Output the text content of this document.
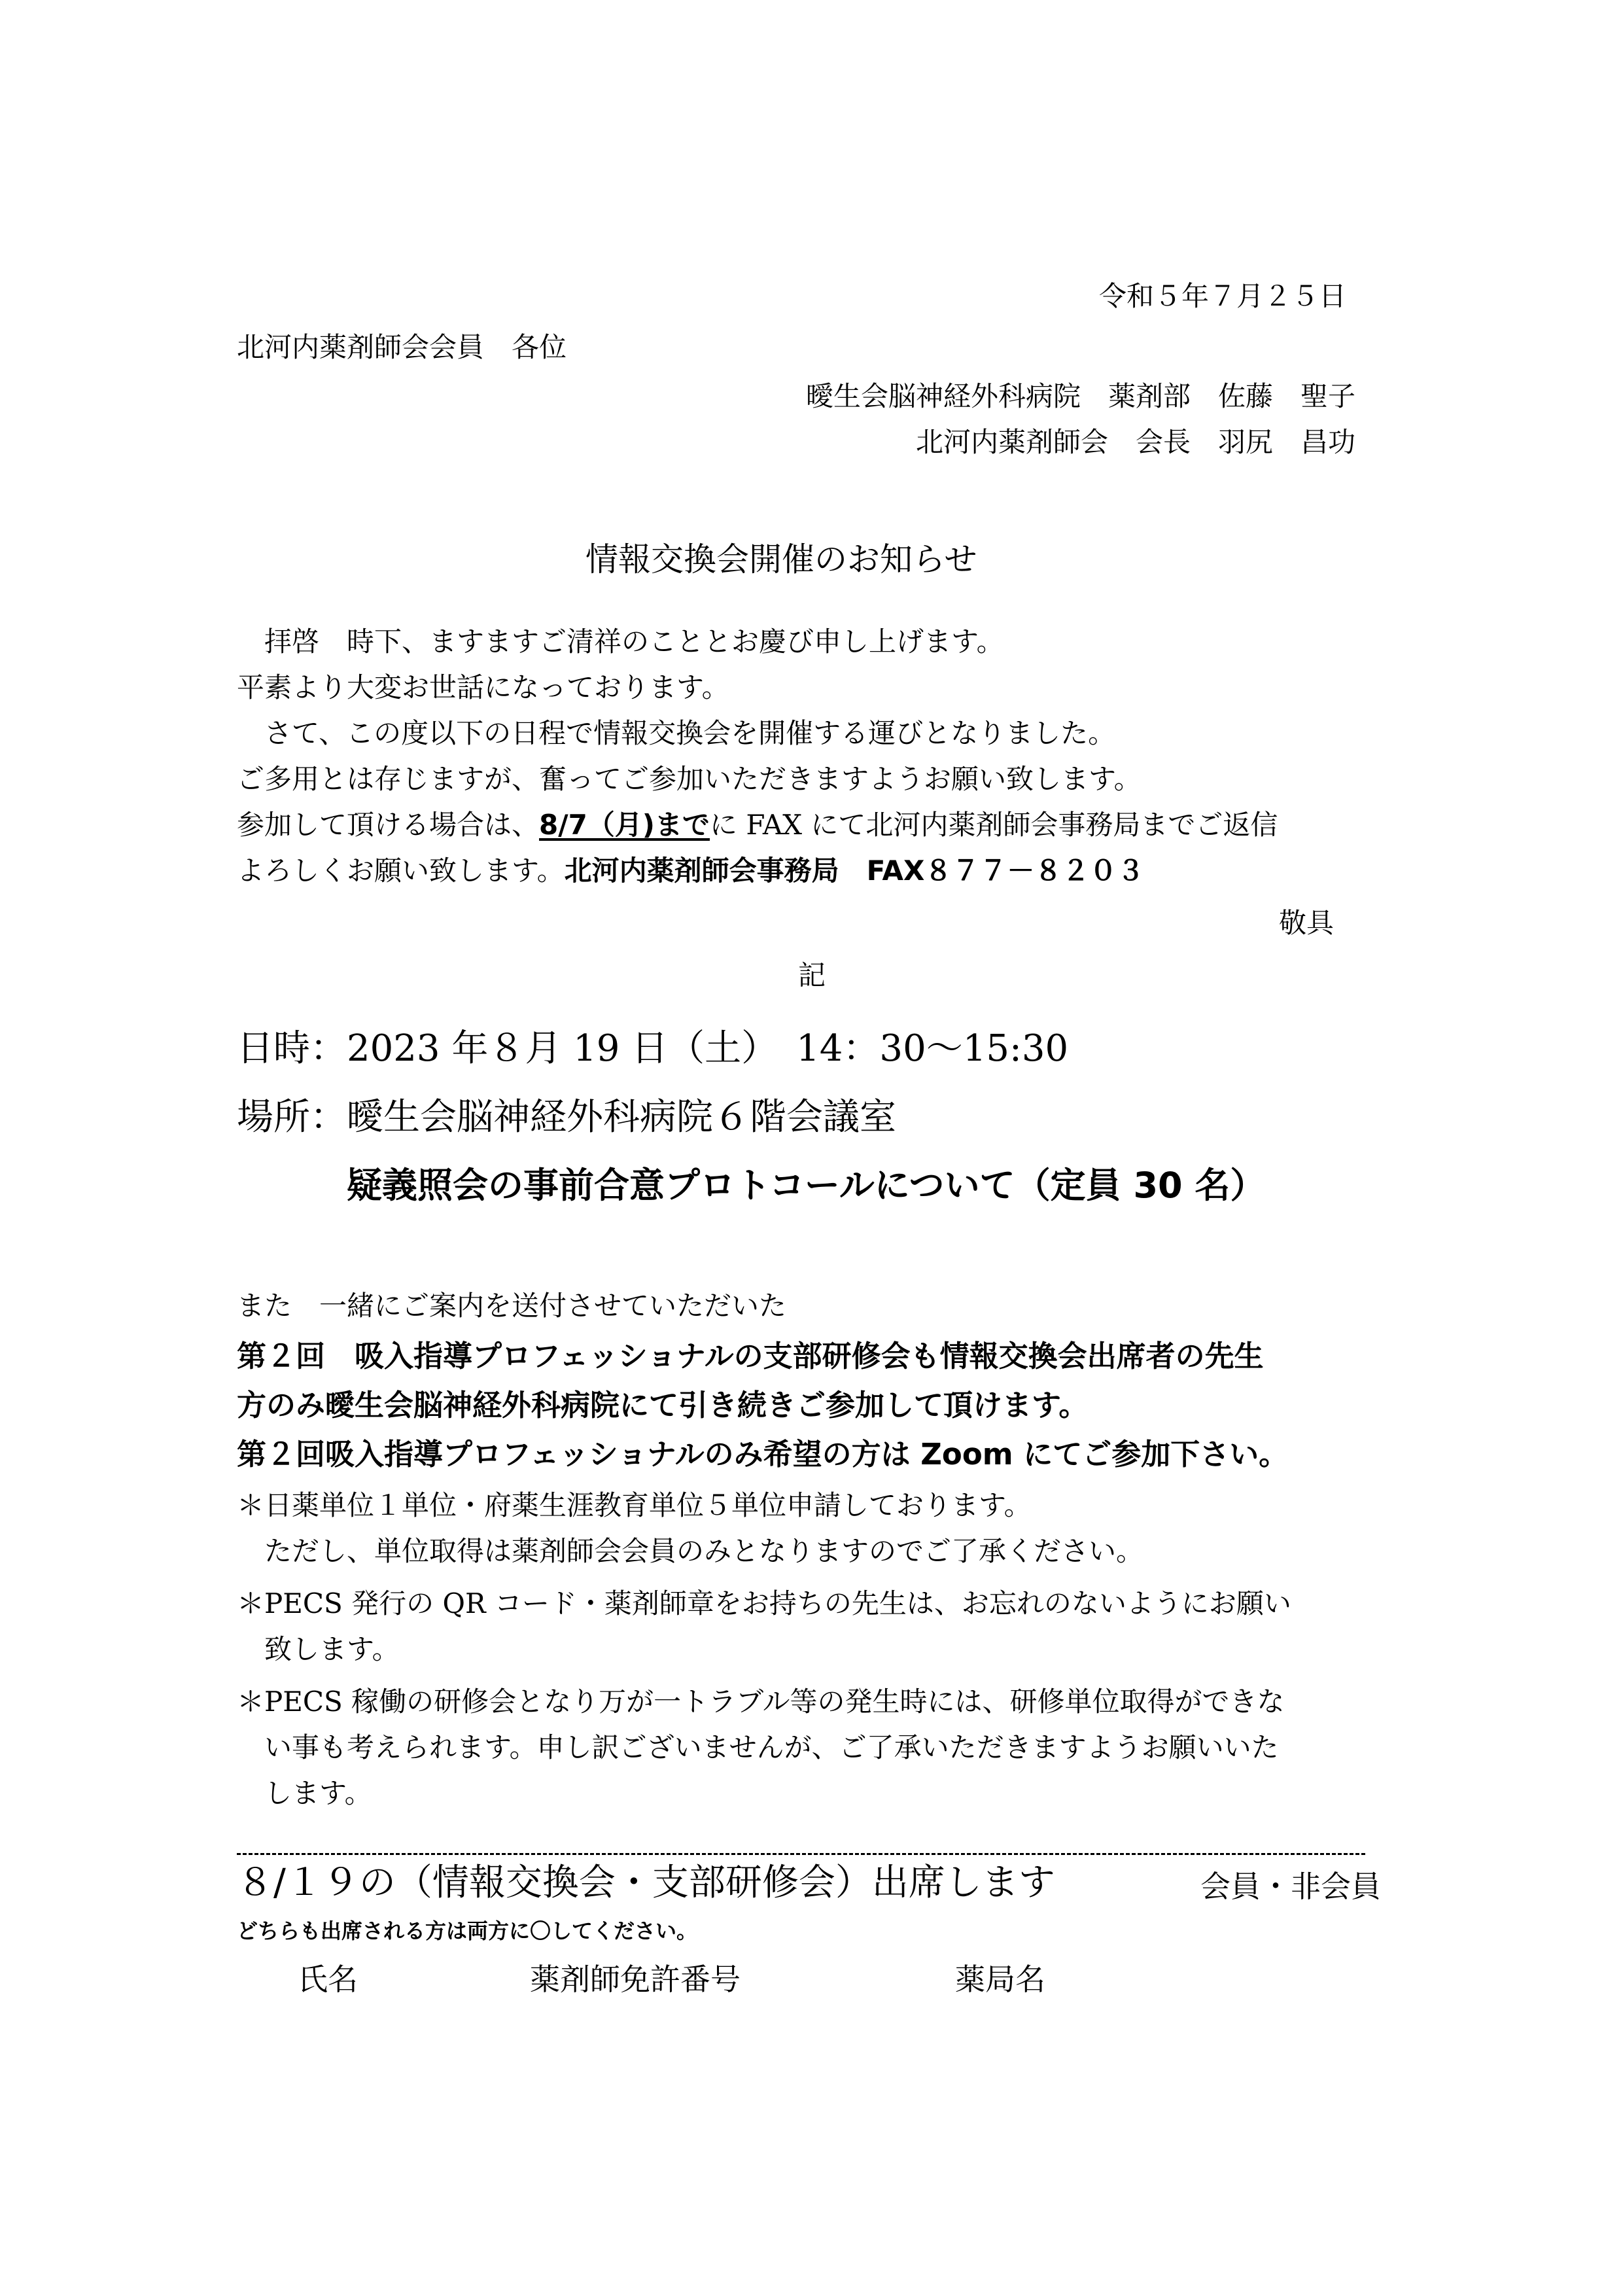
令和５年７月２５日
北河内薬剤師会会員　各位
曖生会脳神経外科病院　薬剤部　佐藤　聖子
北河内薬剤師会　会長　羽尻　昌功
情報交換会開催のお知らせ
　拝啓　時下、ますますご清祥のこととお慶び申し上げます。
平素より大変お世話になっております。
　さて、この度以下の日程で情報交換会を開催する運びとなりました。
ご多用とは存じますが、奮ってご参加いただきますようお願い致します。
参加して頂ける場合は、8/7（月)までに FAX にて北河内薬剤師会事務局までご返信
よろしくお願い致します。北河内薬剤師会事務局　FAX８７７－８２０３
敬具
記
日時：2023 年８月 19 日（土）　14：30～15:30
場所：曖生会脳神経外科病院６階会議室
疑義照会の事前合意プロトコールについて（定員 30 名）
また　一緒にご案内を送付させていただいた
第２回　吸入指導プロフェッショナルの支部研修会も情報交換会出席者の先生
方のみ曖生会脳神経外科病院にて引き続きご参加して頂けます。
第２回吸入指導プロフェッショナルのみ希望の方は Zoom にてご参加下さい。
＊日薬単位１単位・府薬生涯教育単位５単位申請しております。
　ただし、単位取得は薬剤師会会員のみとなりますのでご了承ください。
＊PECS 発行の QR コード・薬剤師章をお持ちの先生は、お忘れのないようにお願い
　致します。
＊PECS 稼働の研修会となり万が一トラブル等の発生時には、研修単位取得ができな
　い事も考えられます。申し訳ございませんが、ご了承いただきますようお願いいた
　します。
８/１９の（情報交換会・支部研修会）出席します	会員・非会員
どちらも出席される方は両方に〇してください。
氏名	薬剤師免許番号	薬局名
